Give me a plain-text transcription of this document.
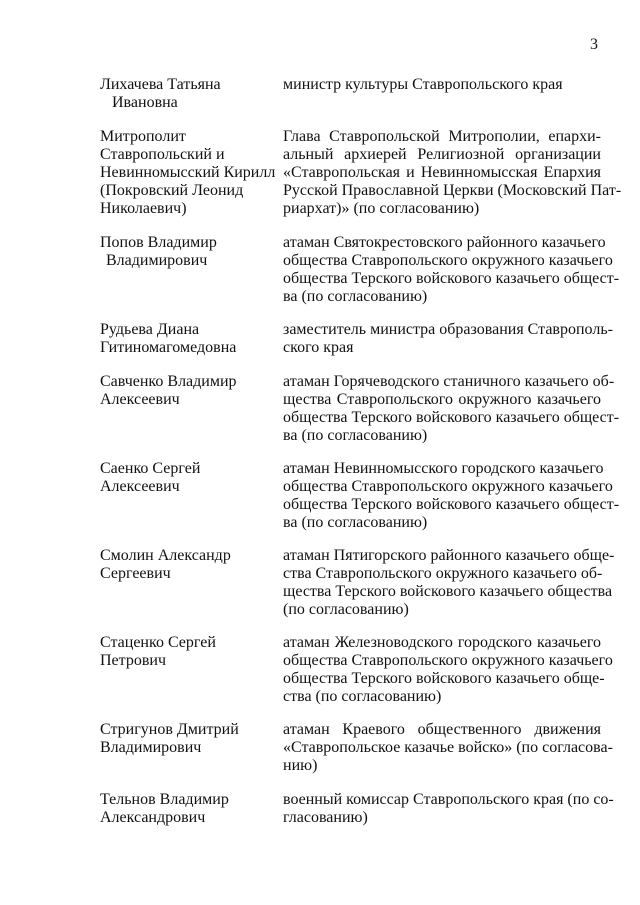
3
Лихачева Татьяна
Ивановна
министр культуры Ставропольского края
Митрополит
Ставропольский и
Невинномысский Кирилл
(Покровский Леонид
Николаевич)
Глава Ставропольской Митрополии, епархи-
альный архиерей Религиозной организации
«Ставропольская и Невинномысская Епархия
Русской Православной Церкви (Московский Пат-
риархат)» (по согласованию)
Попов Владимир
Владимирович
атаман Святокрестовского районного казачьего
общества Ставропольского окружного казачьего
общества Терского войскового казачьего общест-
ва (по согласованию)
Рудьева Диана
Гитиномагомедовна
заместитель министра образования Ставрополь-
ского края
Савченко Владимир
Алексеевич
атаман Горячеводского станичного казачьего об-
щества Ставропольского окружного казачьего
общества Терского войскового казачьего общест-
ва (по согласованию)
Саенко Сергей
Алексеевич
атаман Невинномысского городского казачьего
общества Ставропольского окружного казачьего
общества Терского войскового казачьего общест-
ва (по согласованию)
Смолин Александр
Сергеевич
атаман Пятигорского районного казачьего обще-
ства Ставропольского окружного казачьего об-
щества Терского войскового казачьего общества
(по согласованию)
Стаценко Сергей
Петрович
атаман Железноводского городского казачьего
общества Ставропольского окружного казачьего
общества Терского войскового казачьего обще-
ства (по согласованию)
Стригунов Дмитрий
Владимирович
атаман Краевого общественного движения
«Ставропольское казачье войско» (по согласова-
нию)
Тельнов Владимир
Александрович
военный комиссар Ставропольского края (по со-
гласованию)
